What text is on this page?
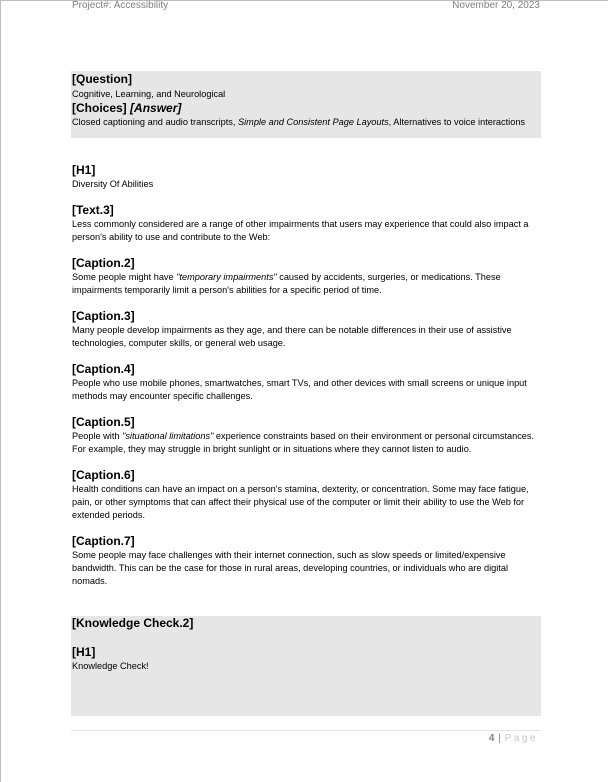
Project#: Accessibility	November 20, 2023

[Question]

Cognitive, Learning, and Neurological

[Choices] [Answer]

Closed captioning and audio transcripts, Simple and Consistent Page Layouts, Alternatives to voice interactions

[H1]

Diversity Of Abilities

[Text.3]

Less commonly considered are a range of other impairments that users may experience that could also impact a person's ability to use and contribute to the Web:

[Caption.2]

Some people might have "temporary impairments" caused by accidents, surgeries, or medications. These impairments temporarily limit a person's abilities for a specific period of time.

[Caption.3]

Many people develop impairments as they age, and there can be notable differences in their use of assistive technologies, computer skills, or general web usage.

[Caption.4]

People who use mobile phones, smartwatches, smart TVs, and other devices with small screens or unique input methods may encounter specific challenges.

[Caption.5]

People with "situational limitations" experience constraints based on their environment or personal circumstances. For example, they may struggle in bright sunlight or in situations where they cannot listen to audio.

[Caption.6]

Health conditions can have an impact on a person's stamina, dexterity, or concentration. Some may face fatigue, pain, or other symptoms that can affect their physical use of the computer or limit their ability to use the Web for extended periods.

[Caption.7]

Some people may face challenges with their internet connection, such as slow speeds or limited/expensive bandwidth. This can be the case for those in rural areas, developing countries, or individuals who are digital nomads.

[Knowledge Check.2]

[H1]

Knowledge Check!

4 | Page
